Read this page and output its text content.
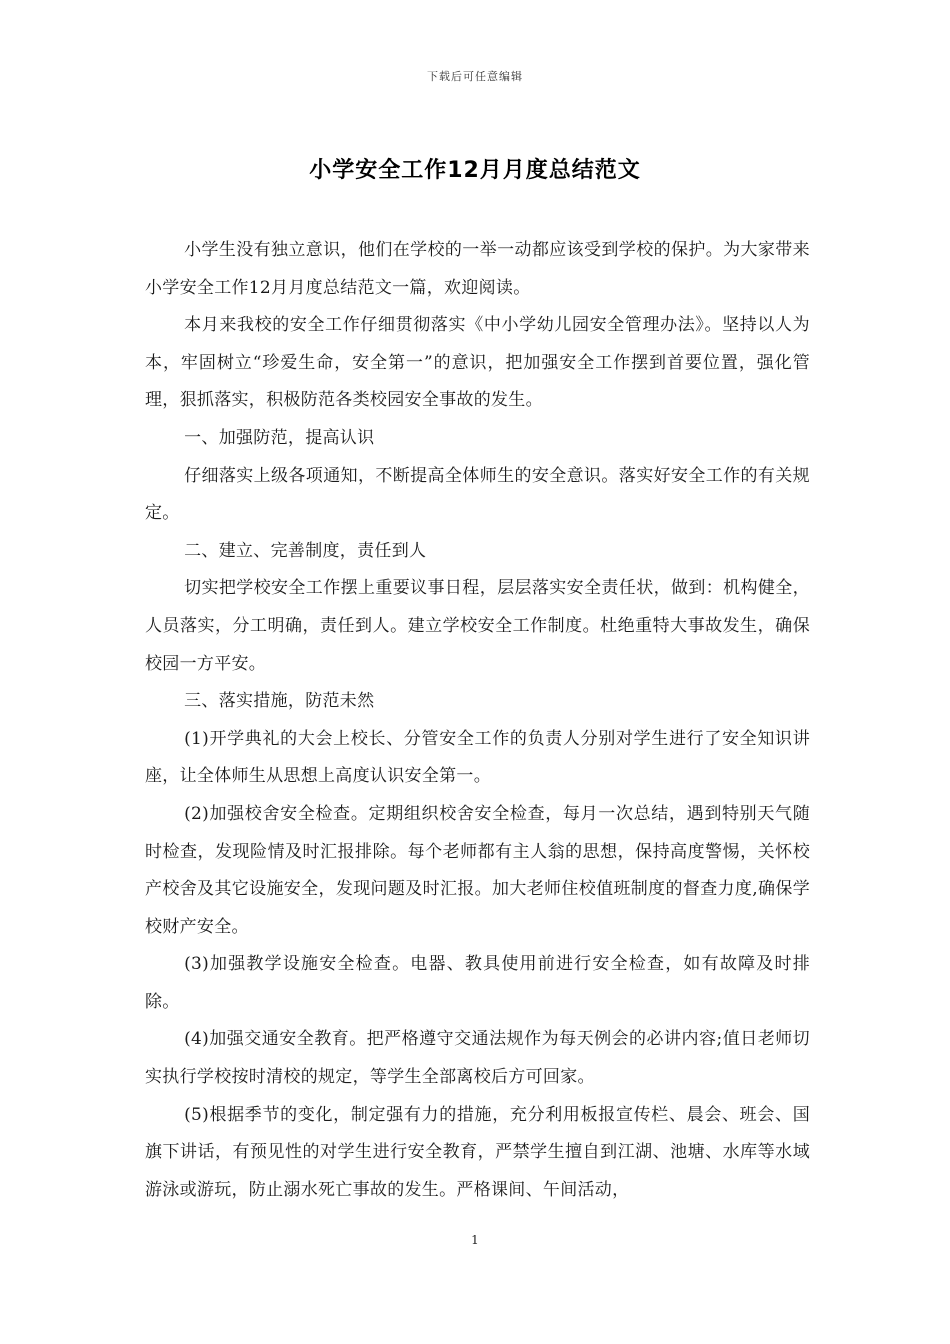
下载后可任意编辑
小学安全工作12月月度总结范文

小学生没有独立意识，他们在学校的一举一动都应该受到学校的保护。为大家带来小学安全工作12月月度总结范文一篇，欢迎阅读。

本月来我校的安全工作仔细贯彻落实《中小学幼儿园安全管理办法》。坚持以人为本，牢固树立“珍爱生命，安全第一”的意识，把加强安全工作摆到首要位置，强化管理，狠抓落实，积极防范各类校园安全事故的发生。

一、加强防范，提高认识

仔细落实上级各项通知，不断提高全体师生的安全意识。落实好安全工作的有关规定。

二、建立、完善制度，责任到人

切实把学校安全工作摆上重要议事日程，层层落实安全责任状，做到：机构健全，人员落实，分工明确，责任到人。建立学校安全工作制度。杜绝重特大事故发生，确保校园一方平安。

三、落实措施，防范未然

(1)开学典礼的大会上校长、分管安全工作的负责人分别对学生进行了安全知识讲座，让全体师生从思想上高度认识安全第一。

(2)加强校舍安全检查。定期组织校舍安全检查，每月一次总结，遇到特别天气随时检查，发现险情及时汇报排除。每个老师都有主人翁的思想，保持高度警惕，关怀校产校舍及其它设施安全，发现问题及时汇报。加大老师住校值班制度的督查力度,确保学校财产安全。

(3)加强教学设施安全检查。电器、教具使用前进行安全检查，如有故障及时排除。

(4)加强交通安全教育。把严格遵守交通法规作为每天例会的必讲内容;值日老师切实执行学校按时清校的规定，等学生全部离校后方可回家。

(5)根据季节的变化，制定强有力的措施，充分利用板报宣传栏、晨会、班会、国旗下讲话，有预见性的对学生进行安全教育，严禁学生擅自到江湖、池塘、水库等水域游泳或游玩，防止溺水死亡事故的发生。严格课间、午间活动，

1
